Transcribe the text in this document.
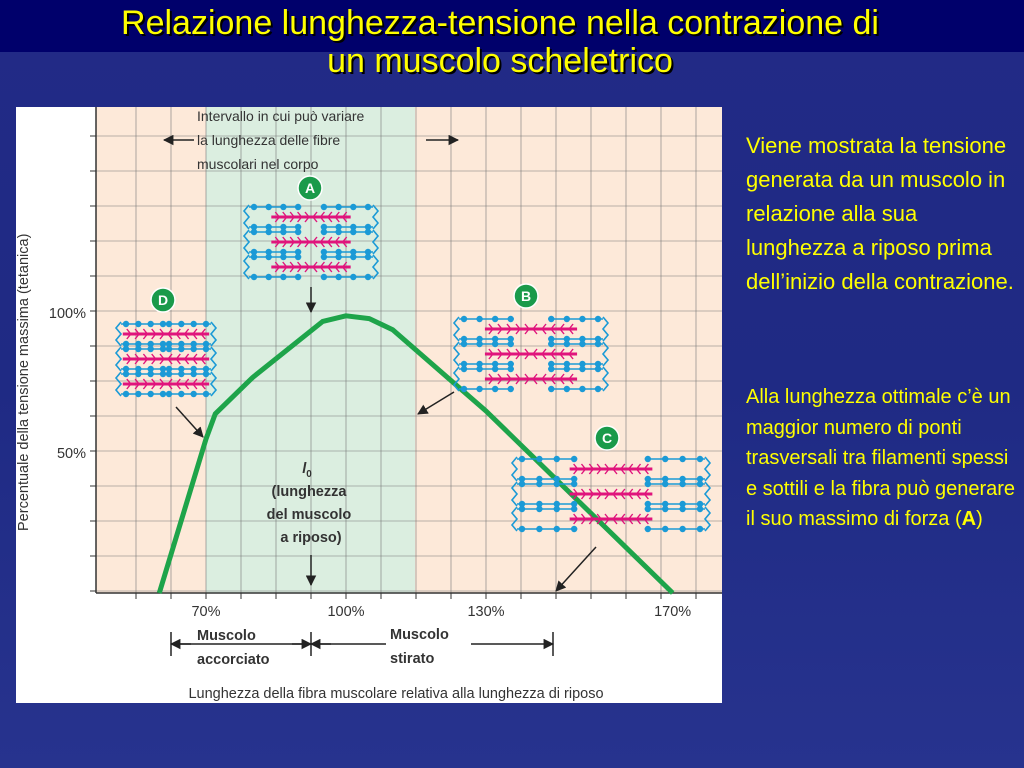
Relazione lunghezza-tensione nella contrazione di
un muscolo scheletrico
Percentuale della tensione massima (tetanica) 100%
50%
70%	100%	130%	170%
Lunghezza della fibra muscolare relativa alla lunghezza di riposo
Intervallo in cui può variare la lunghezza delle fibre muscolari nel corpo
$l_0$ (lunghezza del muscolo a riposo)
A
B
C
D
Muscolo accorciato
Muscolo stirato
Viene mostrata la tensione generata da un muscolo in relazione alla sua lunghezza a riposo prima dell’inizio della contrazione.
Alla lunghezza ottimale c’è un maggior numero di ponti trasversali tra filamenti spessi e sottili e la fibra può generare il suo massimo di forza (A)
